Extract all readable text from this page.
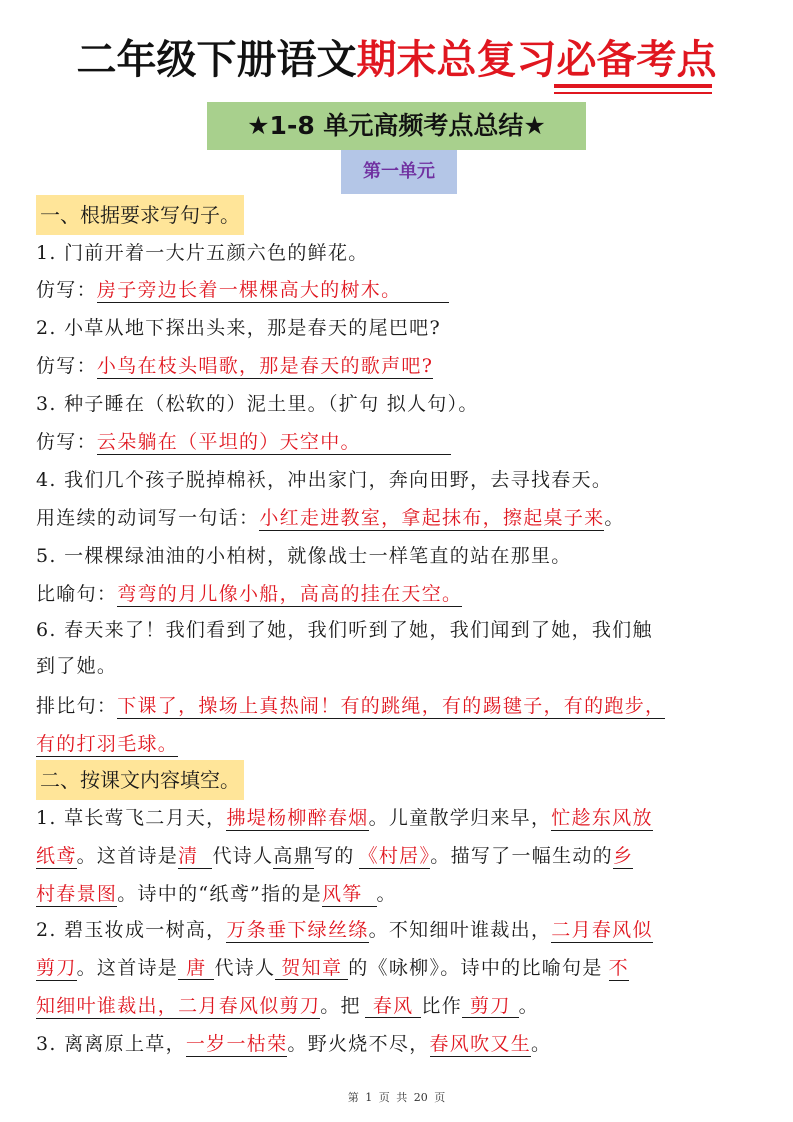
二年级下册语文期末总复习必备考点
★1-8 单元高频考点总结★
第一单元
一、根据要求写句子。
1. 门前开着一大片五颜六色的鲜花。
仿写：房子旁边长着一棵棵高大的树木。
2. 小草从地下探出头来，那是春天的尾巴吧?
仿写：小鸟在枝头唱歌，那是春天的歌声吧?
3. 种子睡在（松软的）泥土里。（扩句 拟人句）。
仿写：云朵躺在（平坦的）天空中。
4. 我们几个孩子脱掉棉袄，冲出家门，奔向田野，去寻找春天。
用连续的动词写一句话：小红走进教室，拿起抹布，擦起桌子来。
5. 一棵棵绿油油的小柏树，就像战士一样笔直的站在那里。
比喻句：弯弯的月儿像小船，高高的挂在天空。
6. 春天来了！我们看到了她，我们听到了她，我们闻到了她，我们触
到了她。
排比句：下课了，操场上真热闹！有的跳绳，有的踢毽子，有的跑步，
有的打羽毛球。
二、按课文内容填空。
1. 草长莺飞二月天，拂堤杨柳醉春烟。儿童散学归来早，忙趁东风放
纸鸢。这首诗是清 代诗人高鼎写的 《村居》。描写了一幅生动的乡
村春景图。诗中的“纸鸢”指的是风筝 。
2. 碧玉妆成一树高，万条垂下绿丝绦。不知细叶谁裁出，二月春风似
剪刀。这首诗是 唐 代诗人 贺知章 的《咏柳》。诗中的比喻句是 不
知细叶谁裁出，二月春风似剪刀。把 春风 比作 剪刀 。
3. 离离原上草，一岁一枯荣。野火烧不尽，春风吹又生。
第 1 页 共 20 页
